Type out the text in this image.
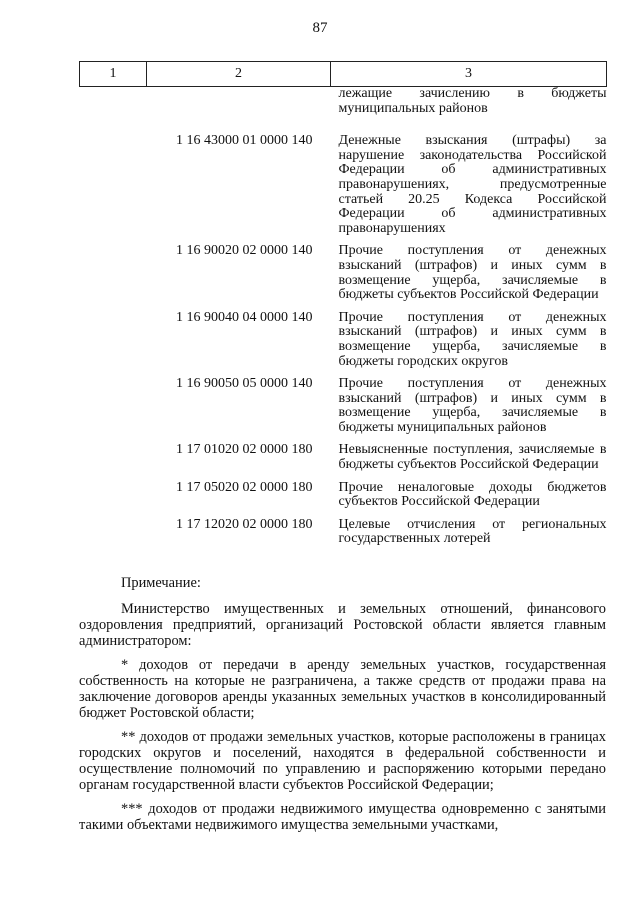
87
1	2	3
		лежащие зачислению в бюджеты муниципальных районов
	1 16 43000 01 0000 140	Денежные взыскания (штрафы) за нарушение законодательства Российской Федерации об административных правонарушениях, предусмотренные статьей 20.25 Кодекса Российской Федерации об административных правонарушениях
	1 16 90020 02 0000 140	Прочие поступления от денежных взысканий (штрафов) и иных сумм в возмещение ущерба, зачисляемые в бюджеты субъектов Российской Федерации
	1 16 90040 04 0000 140	Прочие поступления от денежных взысканий (штрафов) и иных сумм в возмещение ущерба, зачисляемые в бюджеты городских округов
	1 16 90050 05 0000 140	Прочие поступления от денежных взысканий (штрафов) и иных сумм в возмещение ущерба, зачисляемые в бюджеты муниципальных районов
	1 17 01020 02 0000 180	Невыясненные поступления, зачисляемые в бюджеты субъектов Российской Федерации
	1 17 05020 02 0000 180	Прочие неналоговые доходы бюджетов субъектов Российской Федерации
	1 17 12020 02 0000 180	Целевые отчисления от региональных государственных лотерей

Примечание:

Министерство имущественных и земельных отношений, финансового оздоровления предприятий, организаций Ростовской области является главным администратором:

* доходов от передачи в аренду земельных участков, государственная собственность на которые не разграничена, а также средств от продажи права на заключение договоров аренды указанных земельных участков в консолидированный бюджет Ростовской области;

** доходов от продажи земельных участков, которые расположены в границах городских округов и поселений, находятся в федеральной собственности и осуществление полномочий по управлению и распоряжению которыми передано органам государственной власти субъектов Российской Федерации;

*** доходов от продажи недвижимого имущества одновременно с занятыми такими объектами недвижимого имущества земельными участками,
